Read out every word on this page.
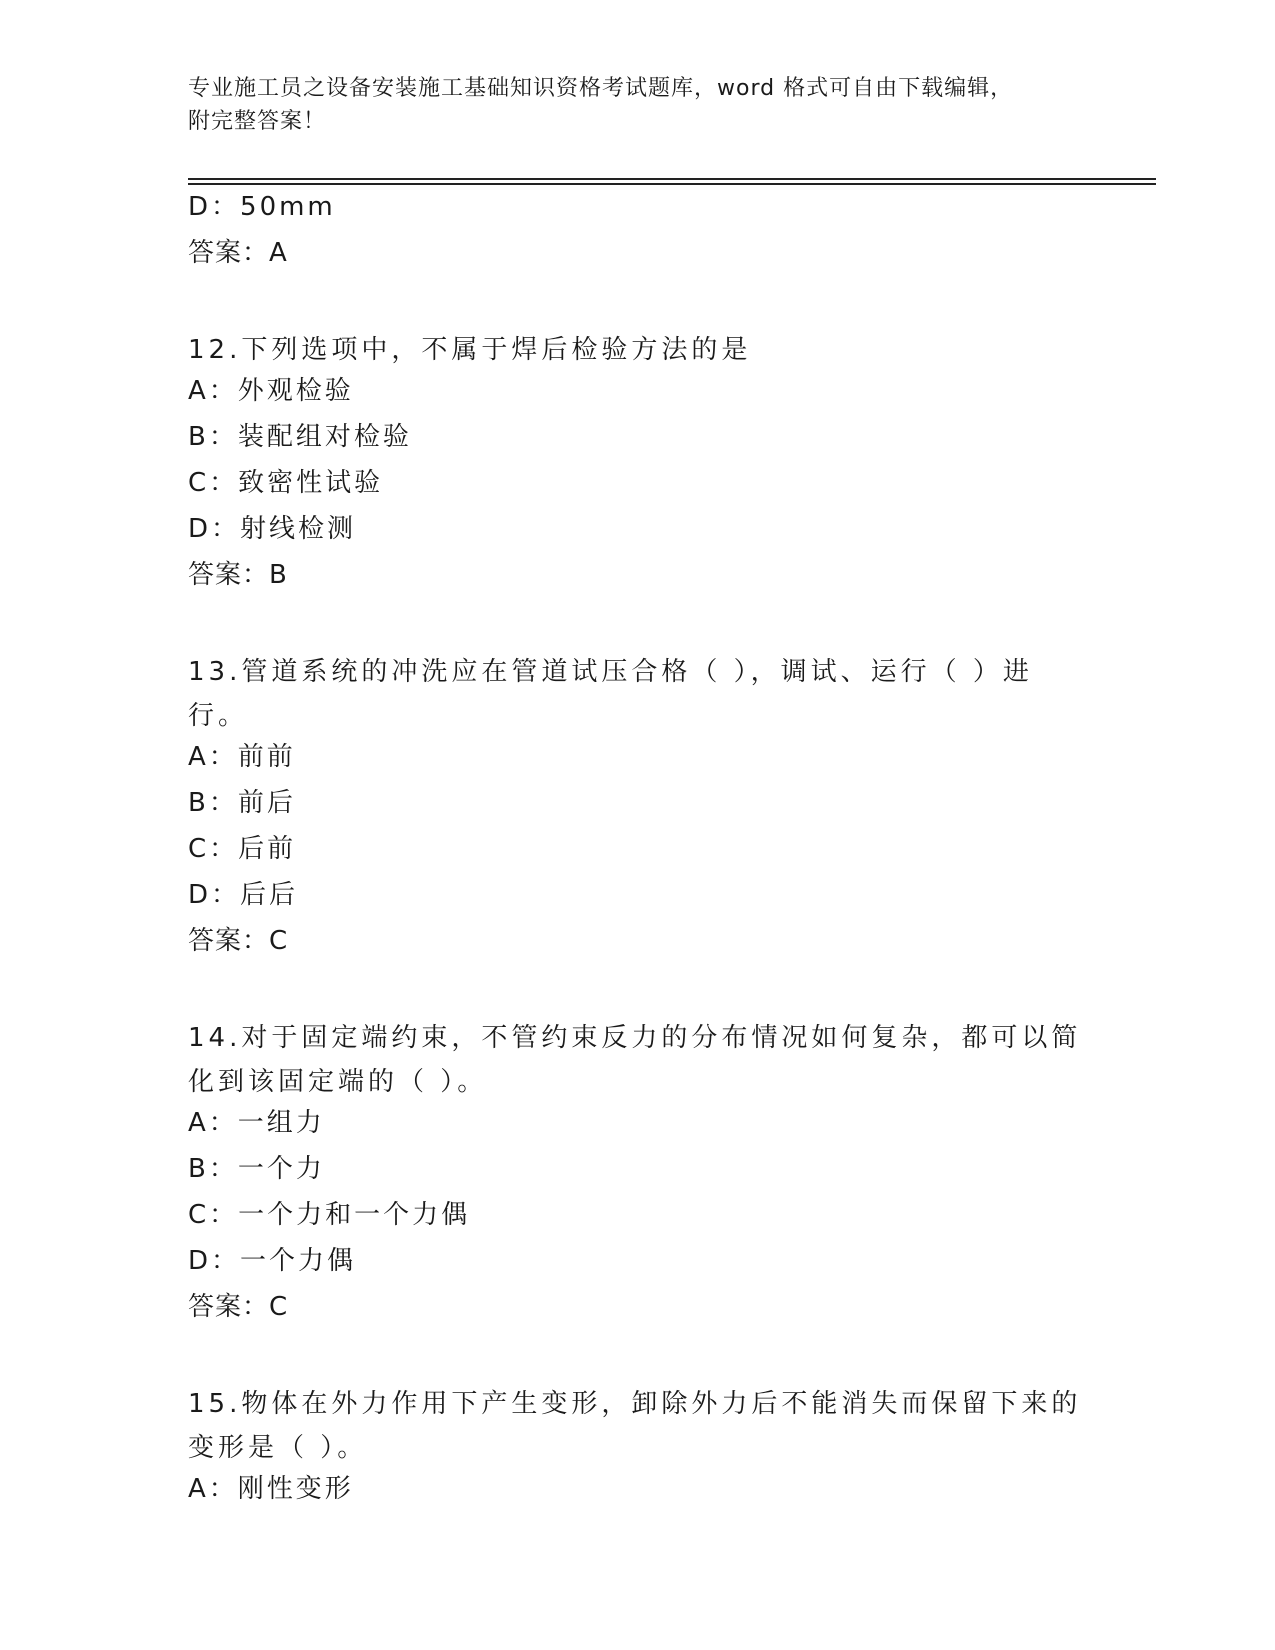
专业施工员之设备安装施工基础知识资格考试题库，word 格式可自由下载编辑，
附完整答案！
D：50mm
答案：A
12.下列选项中，不属于焊后检验方法的是
A：外观检验
B：装配组对检验
C：致密性试验
D：射线检测
答案：B
13.管道系统的冲洗应在管道试压合格（ ），调试、运行（ ）进行。
A：前前
B：前后
C：后前
D：后后
答案：C
14.对于固定端约束，不管约束反力的分布情况如何复杂，都可以简化到该固定端的（ ）。
A：一组力
B：一个力
C：一个力和一个力偶
D：一个力偶
答案：C
15.物体在外力作用下产生变形，卸除外力后不能消失而保留下来的变形是（ ）。
A：刚性变形
